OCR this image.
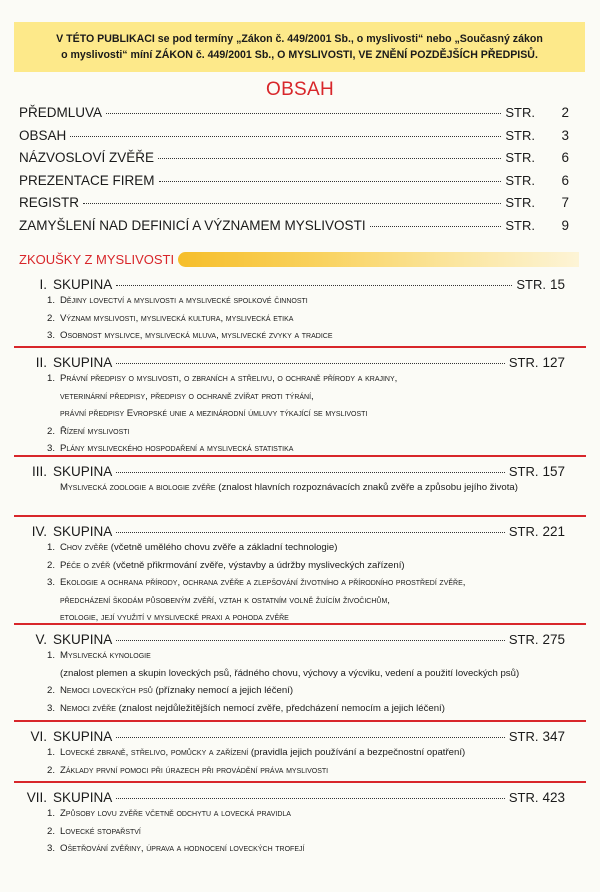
V TÉTO PUBLIKACI se pod termíny „Zákon č. 449/2001 Sb., o myslivosti“ nebo „Současný zákon
o myslivosti“ míní ZÁKON č. 449/2001 Sb., O MYSLIVOSTI, VE ZNĚNÍ POZDĚJŠÍCH PŘEDPISŮ.
OBSAH
PŘEDMLUVA	STR.	2
OBSAH	STR.	3
NÁZVOSLOVÍ ZVĚŘE	STR.	6
PREZENTACE FIREM	STR.	6
REGISTR	STR.	7
ZAMYŠLENÍ NAD DEFINICÍ A VÝZNAMEM MYSLIVOSTI	STR.	9
ZKOUŠKY Z MYSLIVOSTI
I. SKUPINA	STR. 15
1. Dějiny lovectví a myslivosti a myslivecké spolkové činnosti
2. Význam myslivosti, myslivecká kultura, myslivecká etika
3. Osobnost myslivce, myslivecká mluva, myslivecké zvyky a tradice
II. SKUPINA	STR. 127
1. Právní předpisy o myslivosti, o zbraních a střelivu, o ochraně přírody a krajiny,
veterinární předpisy, předpisy o ochraně zvířat proti týrání,
právní předpisy Evropské unie a mezinárodní úmluvy týkající se myslivosti
2. Řízení myslivosti
3. Plány mysliveckého hospodaření a myslivecká statistika
III. SKUPINA	STR. 157
Myslivecká zoologie a biologie zvěře (znalost hlavních rozpoznávacích znaků zvěře a způsobu jejího života)
IV. SKUPINA	STR. 221
1. Chov zvěře (včetně umělého chovu zvěře a základní technologie)
2. Péče o zvěř (včetně přikrmování zvěře, výstavby a údržby mysliveckých zařízení)
3. Ekologie a ochrana přírody, ochrana zvěře a zlepšování životního a přírodního prostředí zvěře,
předcházení škodám působeným zvěří, vztah k ostatním volně žijícím živočichům,
etologie, její využití v myslivecké praxi a pohoda zvěře
V. SKUPINA	STR. 275
1. Myslivecká kynologie
(znalost plemen a skupin loveckých psů, řádného chovu, výchovy a výcviku, vedení a použití loveckých psů)
2. Nemoci loveckých psů (příznaky nemocí a jejich léčení)
3. Nemoci zvěře (znalost nejdůležitějších nemocí zvěře, předcházení nemocím a jejich léčení)
VI. SKUPINA	STR. 347
1. Lovecké zbraně, střelivo, pomůcky a zařízení (pravidla jejich používání a bezpečnostní opatření)
2. Základy první pomoci při úrazech při provádění práva myslivosti
VII. SKUPINA	STR. 423
1. Způsoby lovu zvěře včetně odchytu a lovecká pravidla
2. Lovecké stopařství
3. Ošetřování zvěřiny, úprava a hodnocení loveckých trofejí
